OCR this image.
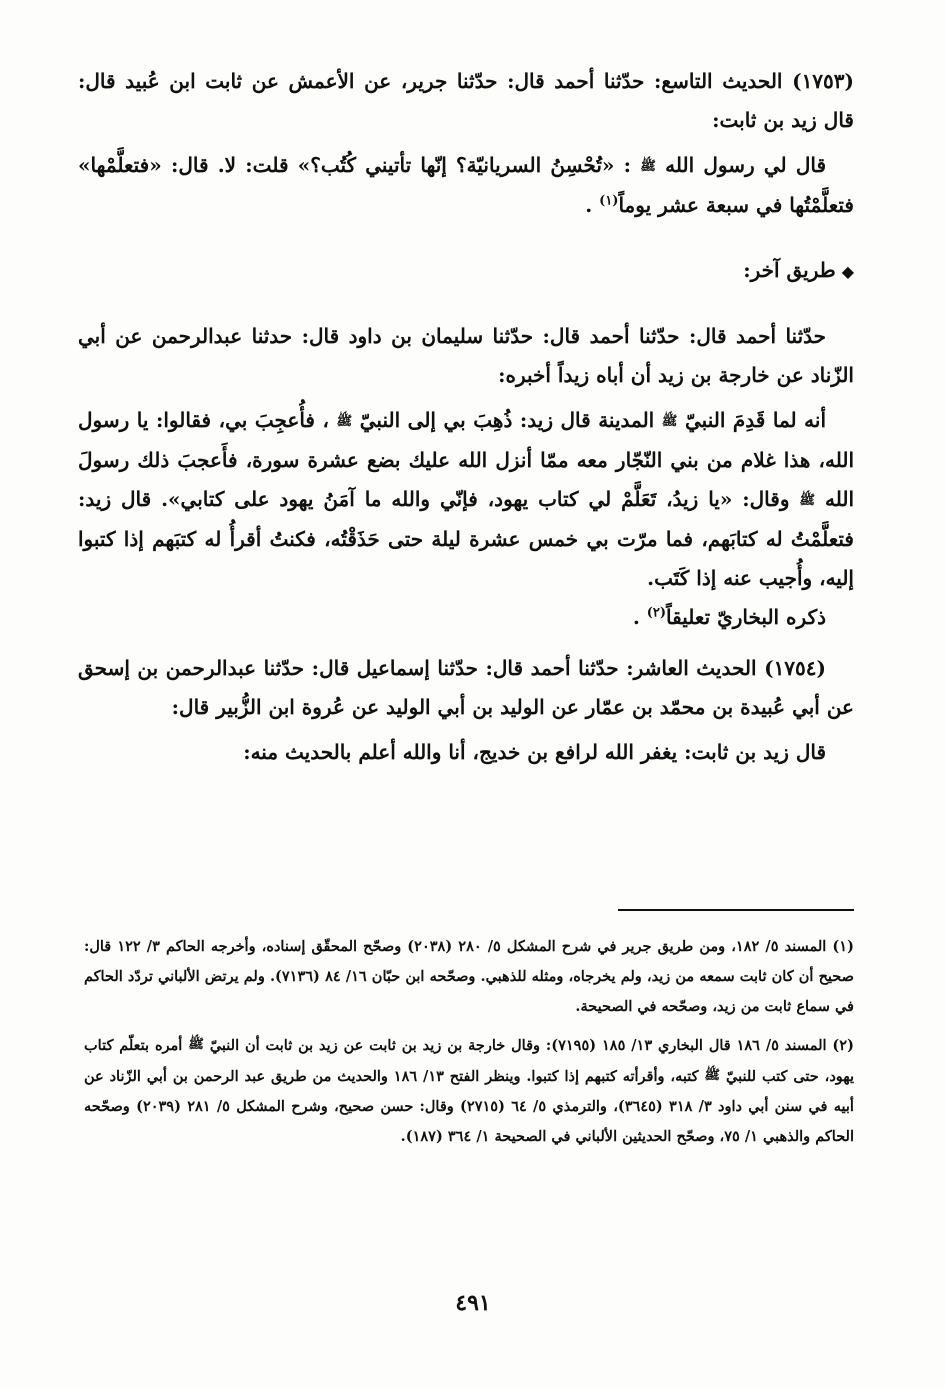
(١٧٥٣) الحديث التاسع: حدّثنا أحمد قال: حدّثنا جرير، عن الأعمش عن ثابت ابن عُبيد قال: قال زيد بن ثابت:

قال لي رسول الله ﷺ : «تُحْسِنُ السريانيّة؟ إنّها تأتيني كُتُب؟» قلت: لا. قال: «فتعلَّمْها» فتعلَّمْتُها في سبعة عشر يوماً$^{(١)}$ .

◆طريق آخر:

حدّثنا أحمد قال: حدّثنا أحمد قال: حدّثنا سليمان بن داود قال: حدثنا عبدالرحمن عن أبي الزّناد عن خارجة بن زيد أن أباه زيداً أخبره:

أنه لما قَدِمَ النبيّ ﷺ المدينة قال زيد: ذُهِبَ بي إلى النبيّ ﷺ ، فأُعجِبَ بي، فقالوا: يا رسول الله، هذا غلام من بني النّجّار معه ممّا أنزل الله عليك بضع عشرة سورة، فأَعجبَ ذلك رسولَ الله ﷺ وقال: «يا زيدُ، تَعَلَّمْ لي كتاب يهود، فإنّي والله ما آمَنُ يهود على كتابي». قال زيد: فتعلَّمْتُ له كتابَهم، فما مرّت بي خمس عشرة ليلة حتى حَذَقْتُه، فكنتُ أقرأُ له كتبَهم إذا كتبوا إليه، وأُجيب عنه إذا كَتَب.

ذكره البخاريّ تعليقاً$^{(٢)}$ .

(١٧٥٤) الحديث العاشر: حدّثنا أحمد قال: حدّثنا إسماعيل قال: حدّثنا عبدالرحمن بن إسحق عن أبي عُبيدة بن محمّد بن عمّار عن الوليد بن أبي الوليد عن عُروة ابن الزُّبير قال:

قال زيد بن ثابت: يغفر الله لرافع بن خديج، أنا والله أعلم بالحديث منه:

(١) المسند ٥/ ١٨٢، ومن طريق جرير في شرح المشكل ٥/ ٢٨٠ (٢٠٣٨) وصحّح المحقّق إسناده، وأخرجه الحاكم ٣/ ١٢٢ قال: صحيح أن كان ثابت سمعه من زيد، ولم يخرجاه، ومثله للذهبي. وصحّحه ابن حبّان ١٦/ ٨٤ (٧١٣٦). ولم يرتض الألباني تردّد الحاكم في سماع ثابت من زيد، وصحّحه في الصحيحة.

(٢) المسند ٥/ ١٨٦ قال البخاري ١٣/ ١٨٥ (٧١٩٥): وقال خارجة بن زيد بن ثابت عن زيد بن ثابت أن النبيّ ﷺ أمره بتعلّم كتاب يهود، حتى كتب للنبيّ ﷺ كتبه، وأقرأته كتبهم إذا كتبوا. وينظر الفتح ١٣/ ١٨٦ والحديث من طريق عبد الرحمن بن أبي الزّناد عن أبيه في سنن أبي داود ٣/ ٣١٨ (٣٦٤٥)، والترمذي ٥/ ٦٤ (٢٧١٥) وقال: حسن صحيح، وشرح المشكل ٥/ ٢٨١ (٢٠٣٩) وصحّحه الحاكم والذهبي ١/ ٧٥، وصحّح الحديثين الألباني في الصحيحة ١/ ٣٦٤ (١٨٧).

٤٩١
